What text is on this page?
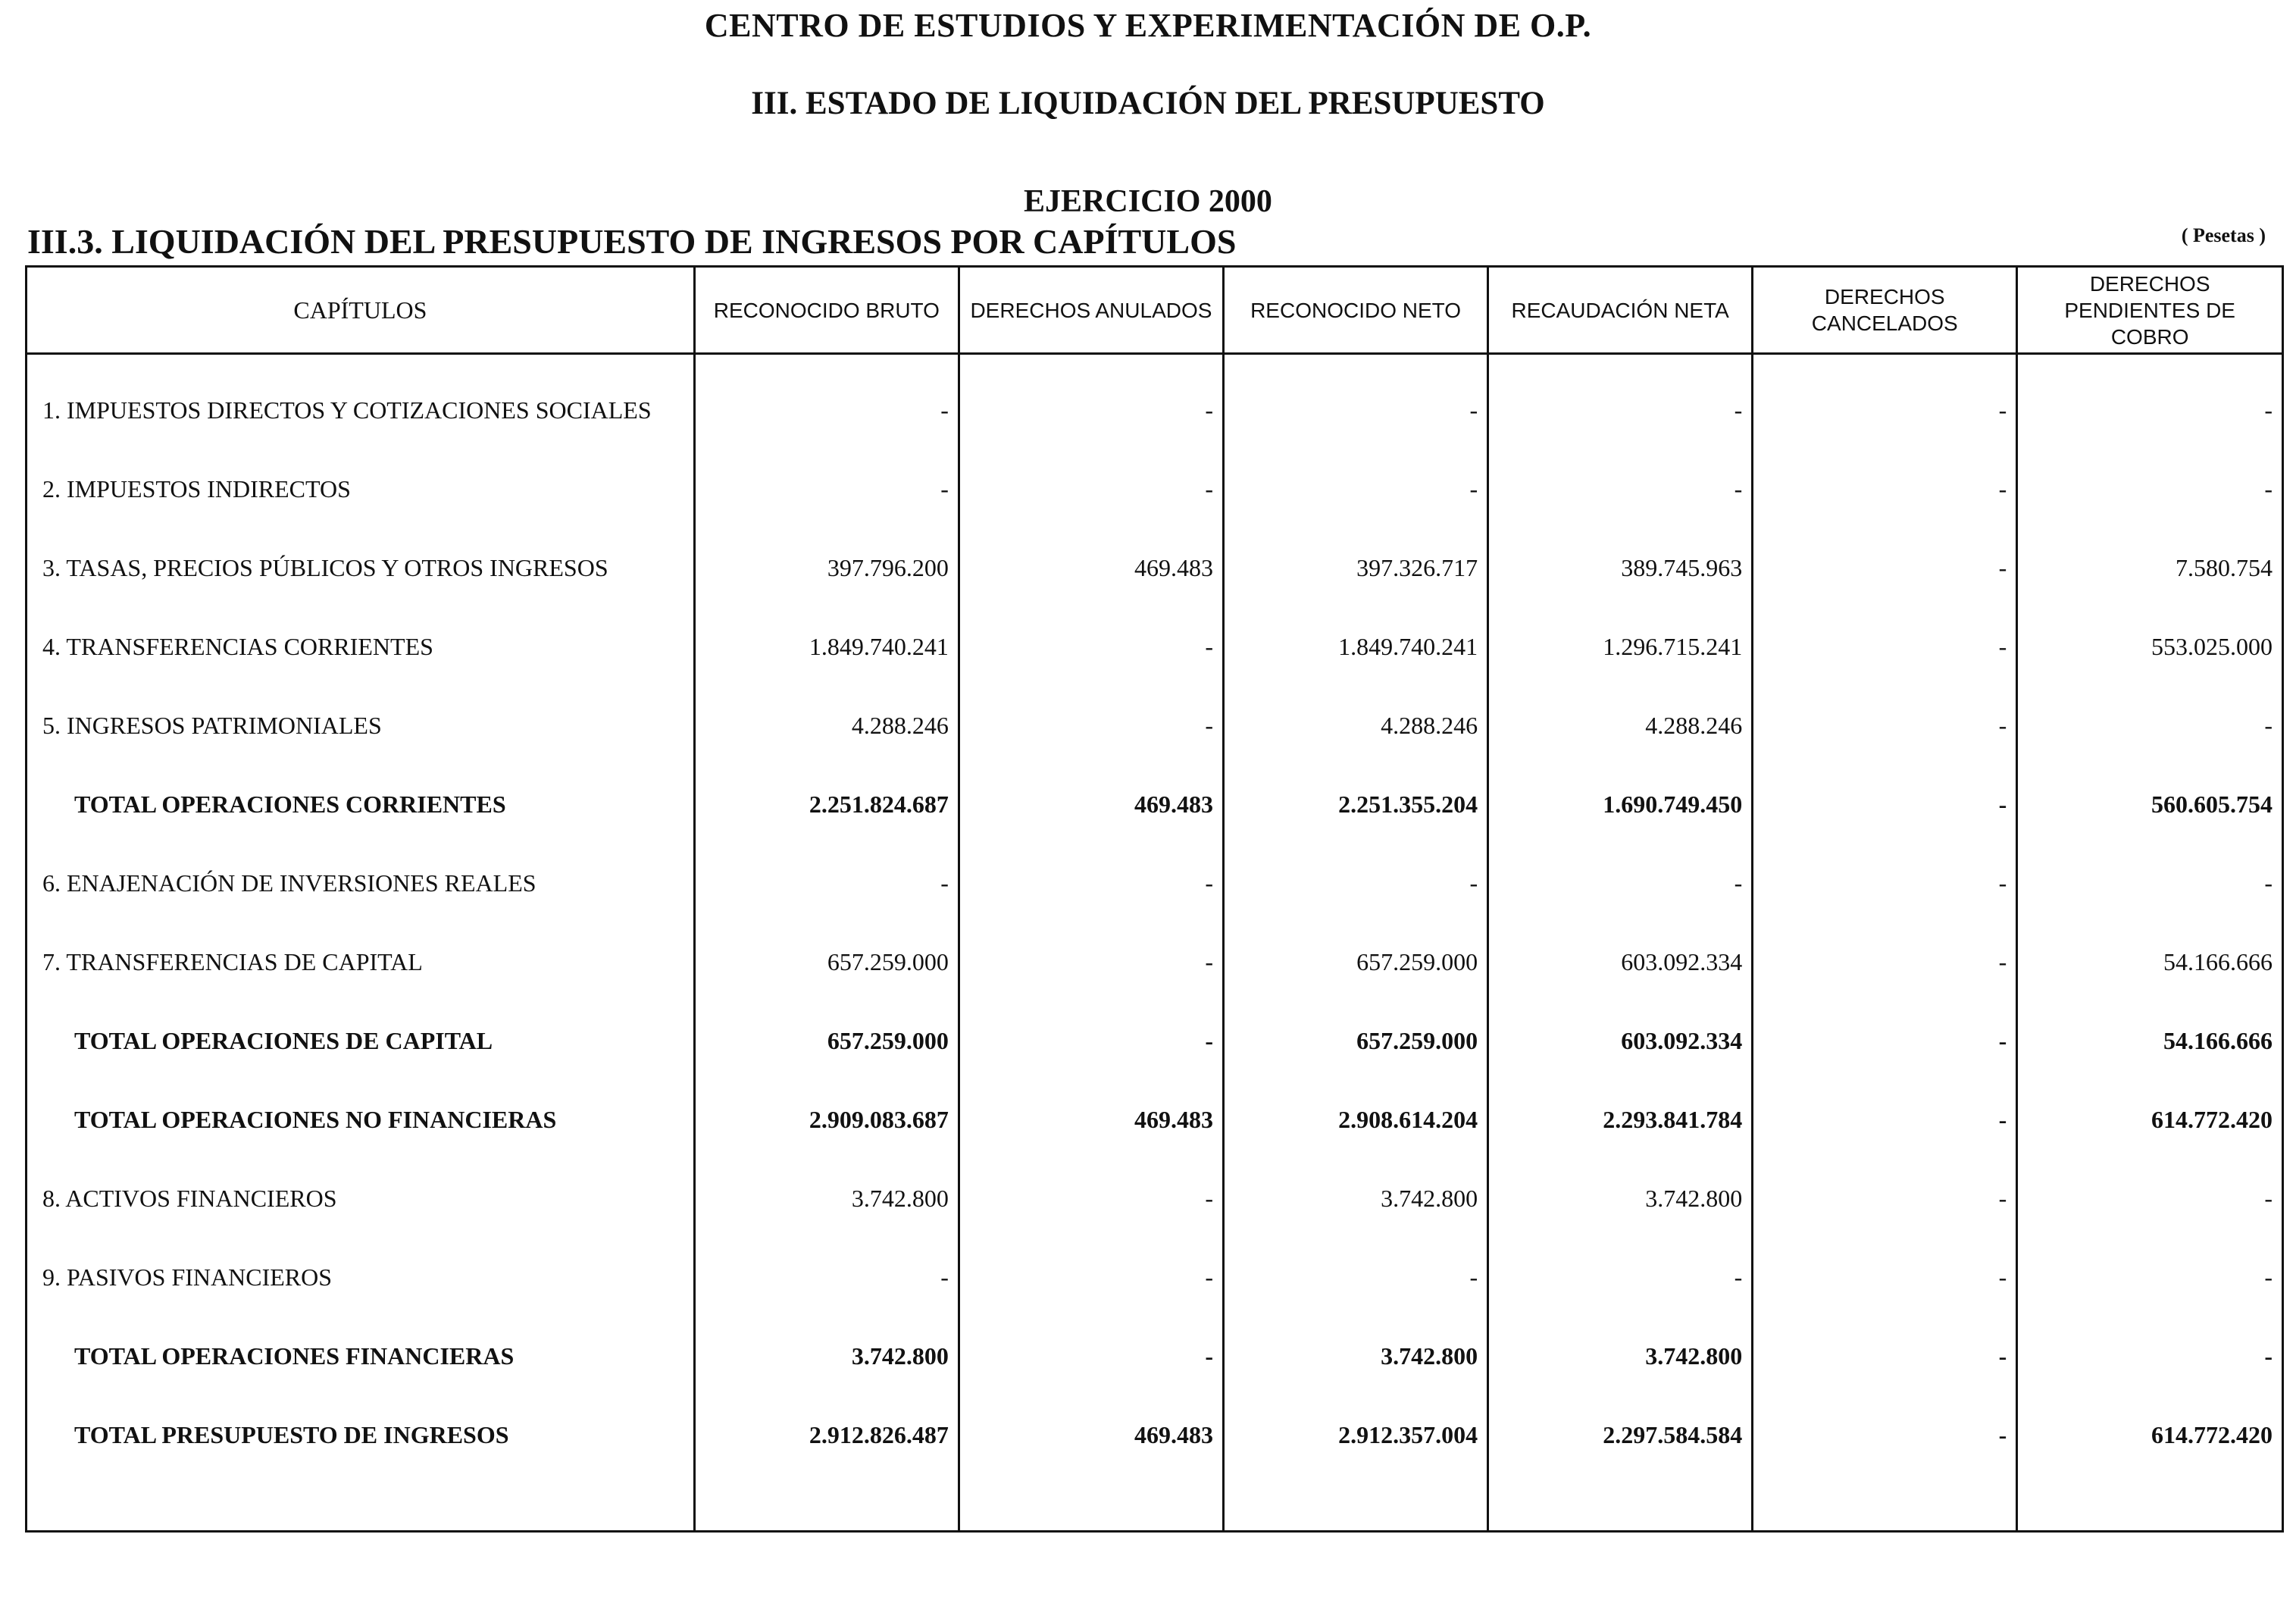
CENTRO DE ESTUDIOS Y EXPERIMENTACIÓN DE O.P.
III. ESTADO DE LIQUIDACIÓN DEL PRESUPUESTO
EJERCICIO 2000
III.3. LIQUIDACIÓN DEL PRESUPUESTO DE INGRESOS POR CAPÍTULOS	( Pesetas )
CAPÍTULOS	RECONOCIDO BRUTO	DERECHOS ANULADOS	RECONOCIDO NETO	RECAUDACIÓN NETA	DERECHOS CANCELADOS	DERECHOS PENDIENTES DE COBRO
1. IMPUESTOS DIRECTOS Y COTIZACIONES SOCIALES	-	-	-	-	-	-
2. IMPUESTOS INDIRECTOS	-	-	-	-	-	-
3. TASAS, PRECIOS PÚBLICOS Y OTROS INGRESOS	397.796.200	469.483	397.326.717	389.745.963	-	7.580.754
4. TRANSFERENCIAS CORRIENTES	1.849.740.241	-	1.849.740.241	1.296.715.241	-	553.025.000
5. INGRESOS PATRIMONIALES	4.288.246	-	4.288.246	4.288.246	-	-
TOTAL OPERACIONES CORRIENTES	2.251.824.687	469.483	2.251.355.204	1.690.749.450	-	560.605.754
6. ENAJENACIÓN DE INVERSIONES REALES	-	-	-	-	-	-
7. TRANSFERENCIAS DE CAPITAL	657.259.000	-	657.259.000	603.092.334	-	54.166.666
TOTAL OPERACIONES DE CAPITAL	657.259.000	-	657.259.000	603.092.334	-	54.166.666
TOTAL OPERACIONES NO FINANCIERAS	2.909.083.687	469.483	2.908.614.204	2.293.841.784	-	614.772.420
8. ACTIVOS FINANCIEROS	3.742.800	-	3.742.800	3.742.800	-	-
9. PASIVOS FINANCIEROS	-	-	-	-	-	-
TOTAL OPERACIONES FINANCIERAS	3.742.800	-	3.742.800	3.742.800	-	-
TOTAL PRESUPUESTO DE INGRESOS	2.912.826.487	469.483	2.912.357.004	2.297.584.584	-	614.772.420
